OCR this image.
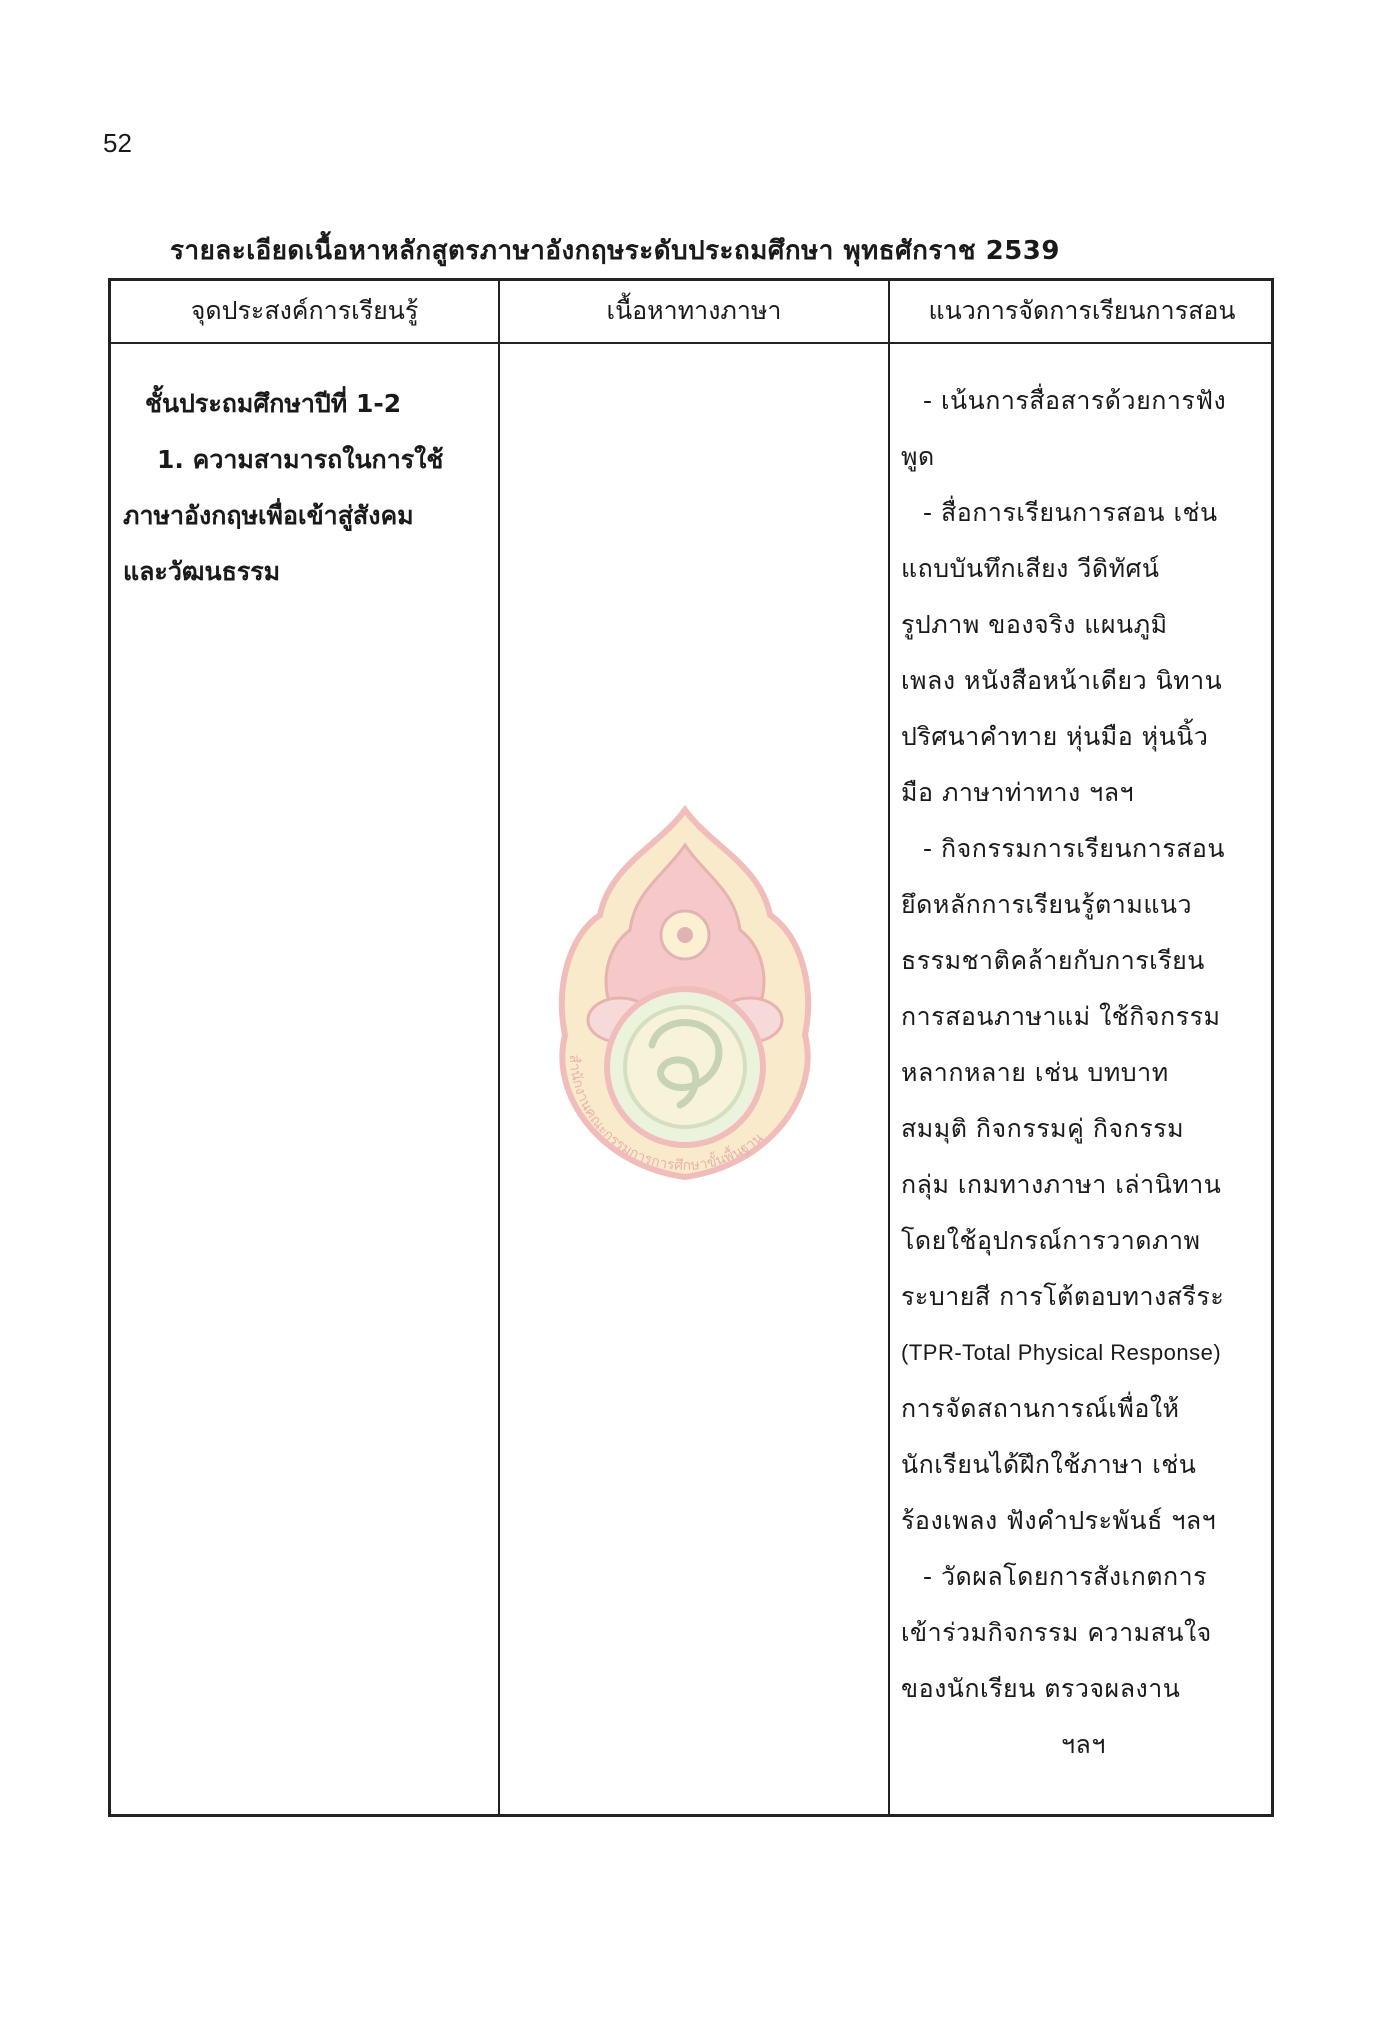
52
รายละเอียดเนื้อหาหลักสูตรภาษาอังกฤษระดับประถมศึกษา พุทธศักราช 2539
สำนักงานคณะกรรมการการศึกษาขั้นพื้นฐาน
จุดประสงค์การเรียนรู้	เนื้อหาทางภาษา	แนวการจัดการเรียนการสอน
ชั้นประถมศึกษาปีที่ 1-2
1. ความสามารถในการใช้
ภาษาอังกฤษเพื่อเข้าสู่สังคม
และวัฒนธรรม
- เน้นการสื่อสารด้วยการฟัง
พูด
- สื่อการเรียนการสอน เช่น
แถบบันทึกเสียง วีดิทัศน์
รูปภาพ ของจริง แผนภูมิ
เพลง หนังสือหน้าเดียว นิทาน
ปริศนาคำทาย หุ่นมือ หุ่นนิ้ว
มือ ภาษาท่าทาง ฯลฯ
- กิจกรรมการเรียนการสอน
ยึดหลักการเรียนรู้ตามแนว
ธรรมชาติคล้ายกับการเรียน
การสอนภาษาแม่ ใช้กิจกรรม
หลากหลาย เช่น บทบาท
สมมุติ กิจกรรมคู่ กิจกรรม
กลุ่ม เกมทางภาษา เล่านิทาน
โดยใช้อุปกรณ์การวาดภาพ
ระบายสี การโต้ตอบทางสรีระ
(TPR-Total Physical Response)
การจัดสถานการณ์เพื่อให้
นักเรียนได้ฝึกใช้ภาษา เช่น
ร้องเพลง ฟังคำประพันธ์ ฯลฯ
- วัดผลโดยการสังเกตการ
เข้าร่วมกิจกรรม ความสนใจ
ของนักเรียน ตรวจผลงาน
ฯลฯ
